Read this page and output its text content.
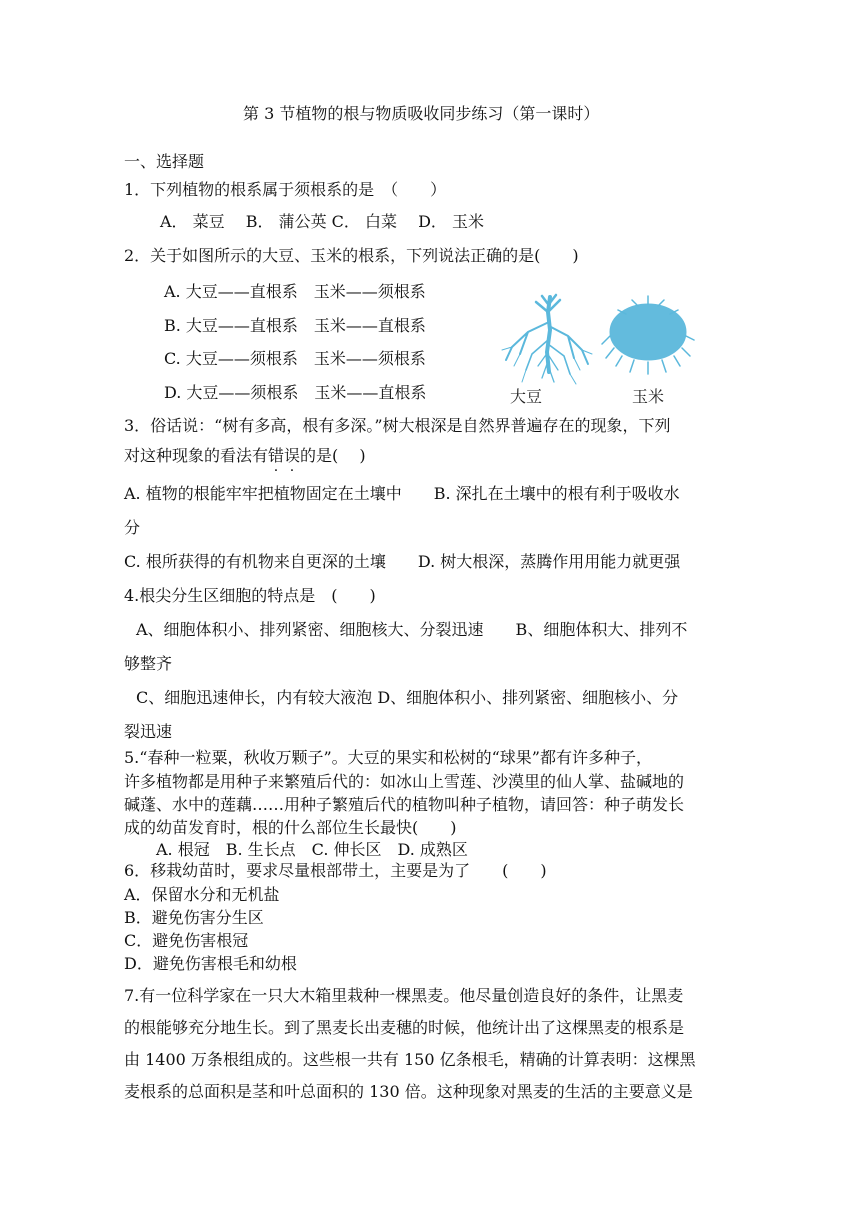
第 3 节植物的根与物质吸收同步练习（第一课时）
一、选择题
1．下列植物的根系属于须根系的是　（　　）
A． 菜豆　 B． 蒲公英 C． 白菜　 D． 玉米
2．关于如图所示的大豆、玉米的根系，下列说法正确的是(　　)
A. 大豆——直根系　玉米——须根系
B. 大豆——直根系　玉米——直根系
C. 大豆——须根系　玉米——须根系
D. 大豆——须根系　玉米——直根系	大豆	玉米
3．俗话说：“树有多高，根有多深。”树大根深是自然界普遍存在的现象，下列
对这种现象的看法有错误的是(　 )
A. 植物的根能牢牢把植物固定在土壤中　　B. 深扎在土壤中的根有利于吸收水
分
C. 根所获得的有机物来自更深的土壤　　D. 树大根深，蒸腾作用用能力就更强
4.根尖分生区细胞的特点是　(　　)
A、细胞体积小、排列紧密、细胞核大、分裂迅速　　B、细胞体积大、排列不
够整齐
C、细胞迅速伸长，内有较大液泡 D、细胞体积小、排列紧密、细胞核小、分
裂迅速
5.“春种一粒粟，秋收万颗子”。大豆的果实和松树的“球果”都有许多种子，
许多植物都是用种子来繁殖后代的：如冰山上雪莲、沙漠里的仙人掌、盐碱地的
碱蓬、水中的莲藕……用种子繁殖后代的植物叫种子植物，请回答：种子萌发长
成的幼苗发育时，根的什么部位生长最快(　　)
A. 根冠　B. 生长点　C. 伸长区　D. 成熟区
6．移栽幼苗时，要求尽量根部带土，主要是为了　　(　　)
A．保留水分和无机盐
B．避免伤害分生区
C．避免伤害根冠
D．避免伤害根毛和幼根
7.有一位科学家在一只大木箱里栽种一棵黑麦。他尽量创造良好的条件，让黑麦
的根能够充分地生长。到了黑麦长出麦穗的时候，他统计出了这棵黑麦的根系是
由 1400 万条根组成的。这些根一共有 150 亿条根毛，精确的计算表明：这棵黑
麦根系的总面积是茎和叶总面积的 130 倍。这种现象对黑麦的生活的主要意义是
